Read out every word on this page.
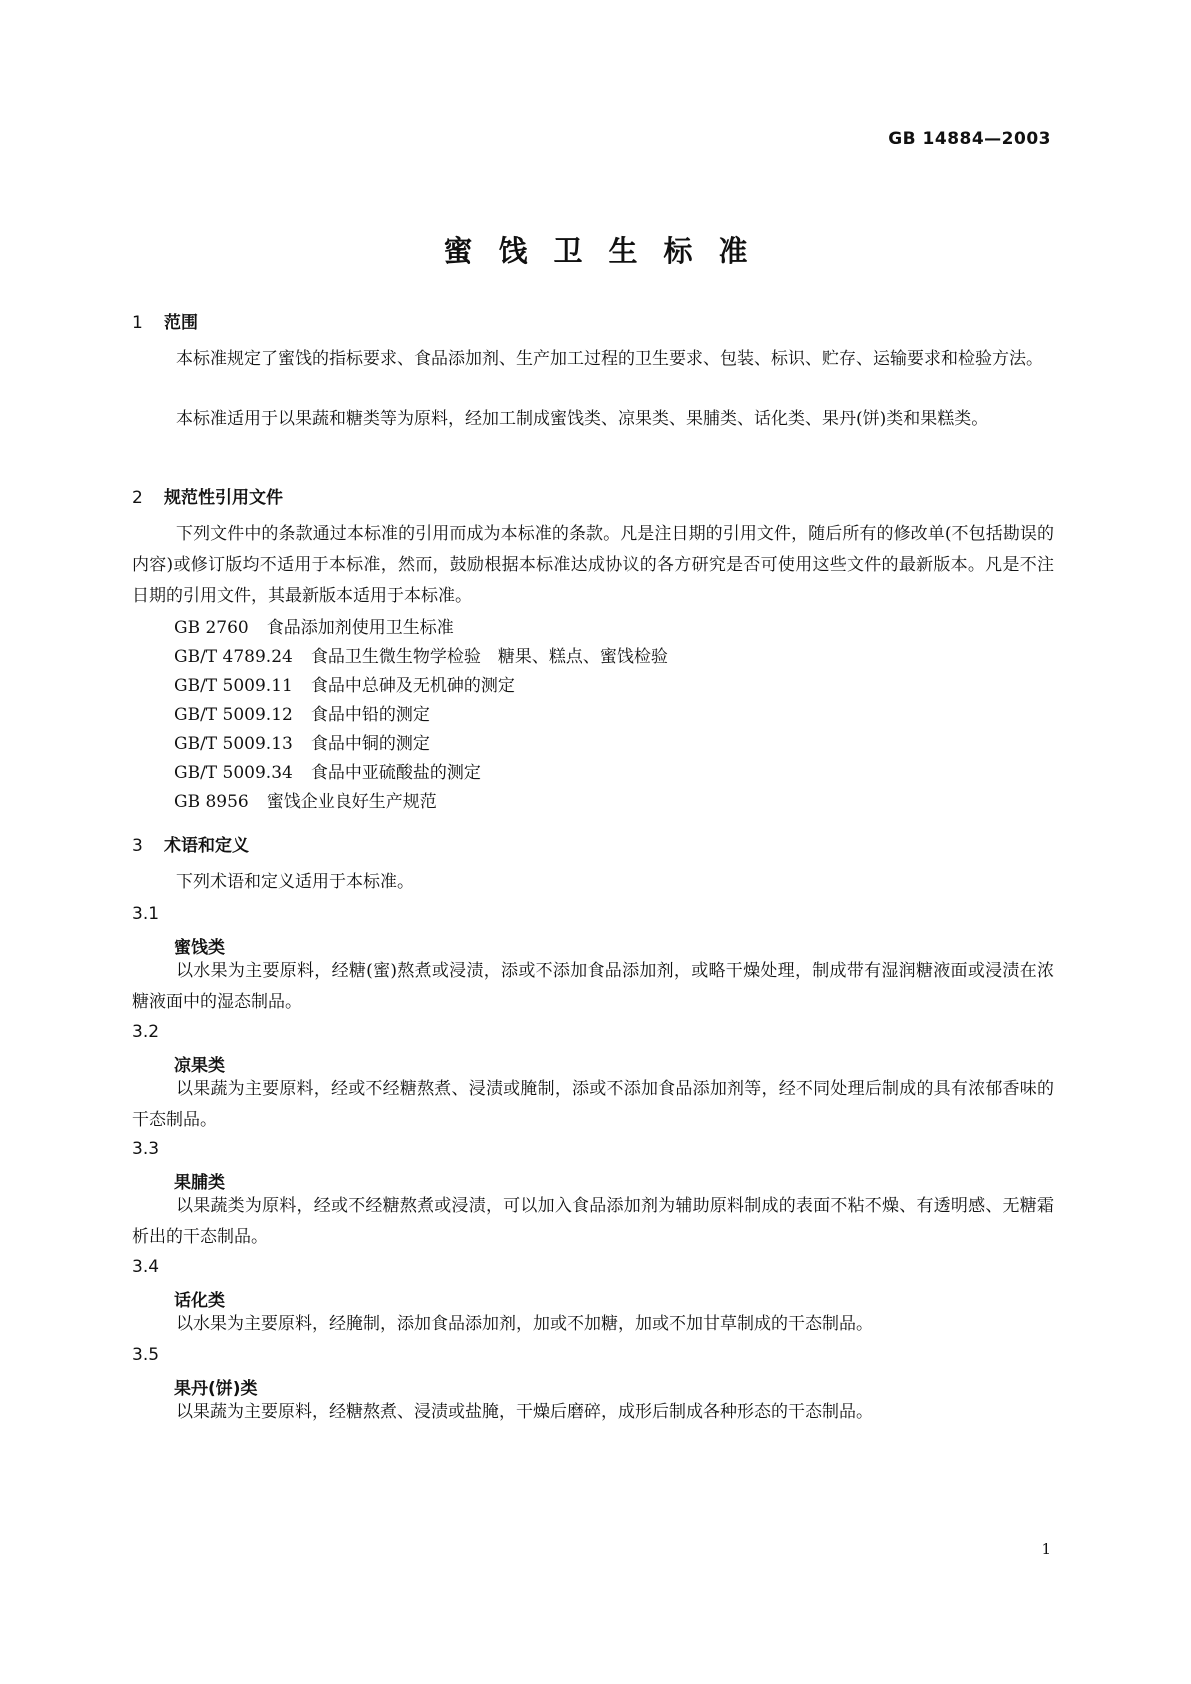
GB 14884—2003
蜜饯卫生标准
1 范围
本标准规定了蜜饯的指标要求、食品添加剂、生产加工过程的卫生要求、包装、标识、贮存、运输要求和检验方法。
本标准适用于以果蔬和糖类等为原料，经加工制成蜜饯类、凉果类、果脯类、话化类、果丹(饼)类和果糕类。
2 规范性引用文件
下列文件中的条款通过本标准的引用而成为本标准的条款。凡是注日期的引用文件，随后所有的修改单(不包括勘误的内容)或修订版均不适用于本标准，然而，鼓励根据本标准达成协议的各方研究是否可使用这些文件的最新版本。凡是不注日期的引用文件，其最新版本适用于本标准。
GB 2760 食品添加剂使用卫生标准
GB/T 4789.24 食品卫生微生物学检验　糖果、糕点、蜜饯检验
GB/T 5009.11 食品中总砷及无机砷的测定
GB/T 5009.12 食品中铅的测定
GB/T 5009.13 食品中铜的测定
GB/T 5009.34 食品中亚硫酸盐的测定
GB 8956 蜜饯企业良好生产规范
3 术语和定义
下列术语和定义适用于本标准。
3.1
蜜饯类
以水果为主要原料，经糖(蜜)熬煮或浸渍，添或不添加食品添加剂，或略干燥处理，制成带有湿润糖液面或浸渍在浓糖液面中的湿态制品。
3.2
凉果类
以果蔬为主要原料，经或不经糖熬煮、浸渍或腌制，添或不添加食品添加剂等，经不同处理后制成的具有浓郁香味的干态制品。
3.3
果脯类
以果蔬类为原料，经或不经糖熬煮或浸渍，可以加入食品添加剂为辅助原料制成的表面不粘不燥、有透明感、无糖霜析出的干态制品。
3.4
话化类
以水果为主要原料，经腌制，添加食品添加剂，加或不加糖，加或不加甘草制成的干态制品。
3.5
果丹(饼)类
以果蔬为主要原料，经糖熬煮、浸渍或盐腌，干燥后磨碎，成形后制成各种形态的干态制品。
1
